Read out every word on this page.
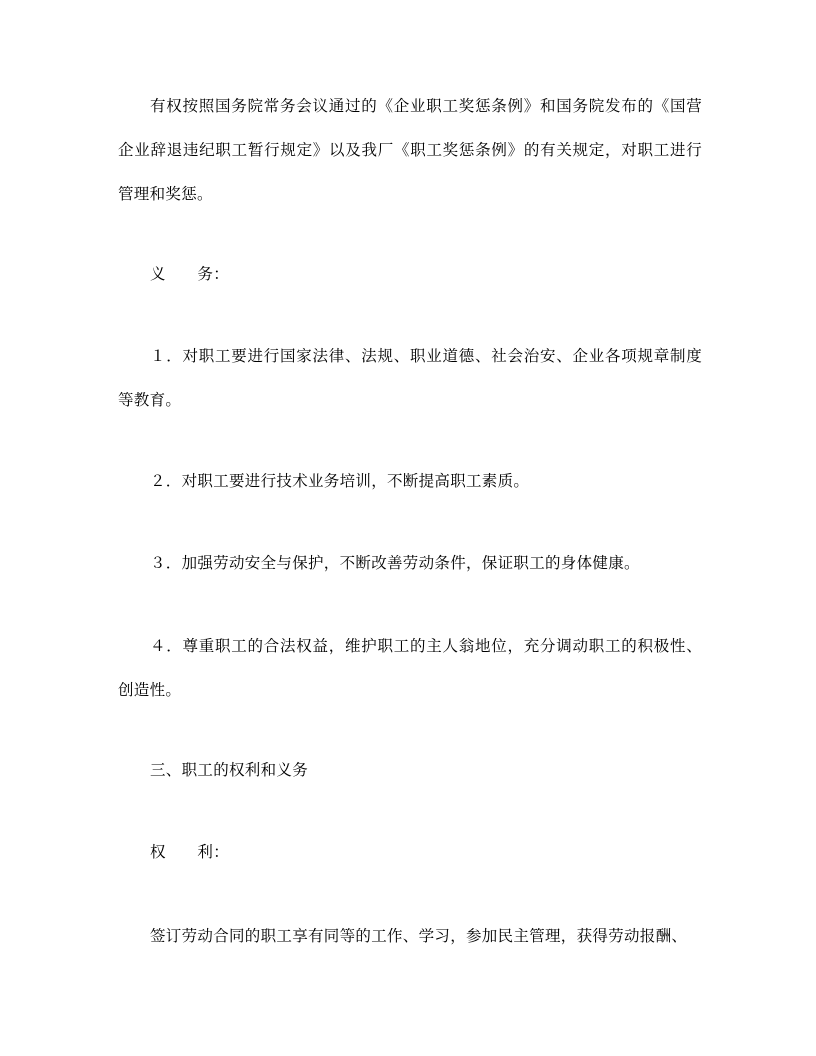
有权按照国务院常务会议通过的《企业职工奖惩条例》和国务院发布的《国营企业辞退违纪职工暂行规定》以及我厂《职工奖惩条例》的有关规定，对职工进行管理和奖惩。

义　　务：

１．对职工要进行国家法律、法规、职业道德、社会治安、企业各项规章制度等教育。

２．对职工要进行技术业务培训，不断提高职工素质。

３．加强劳动安全与保护，不断改善劳动条件，保证职工的身体健康。

４．尊重职工的合法权益，维护职工的主人翁地位，充分调动职工的积极性、创造性。

三、职工的权利和义务

权　　利：

签订劳动合同的职工享有同等的工作、学习，参加民主管理，获得劳动报酬、
